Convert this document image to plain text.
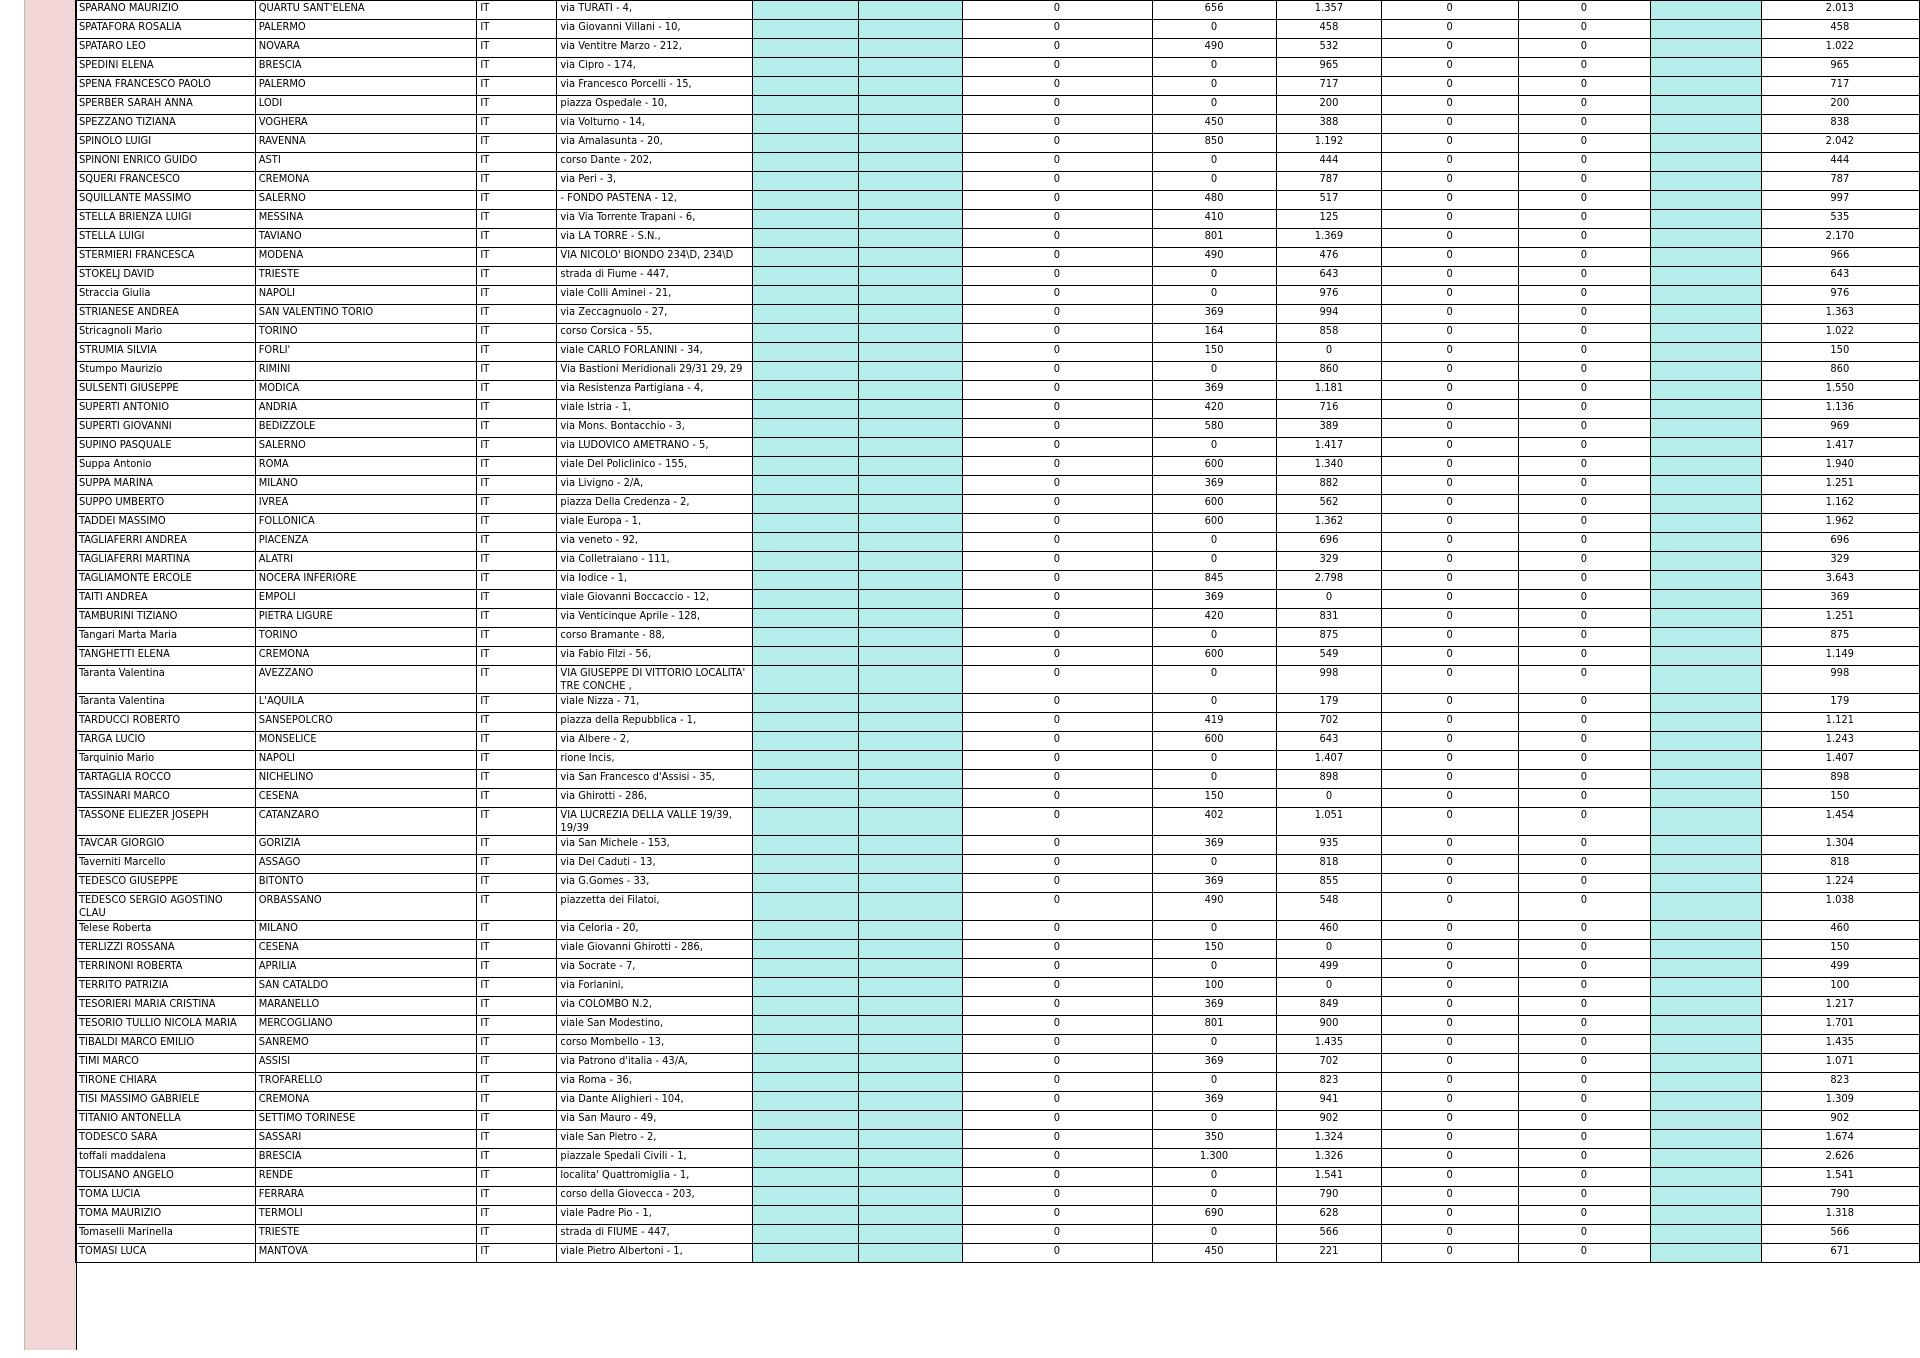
SPARANO MAURIZIO	QUARTU SANT'ELENA	IT	via TURATI - 4,			0	656	1.357	0	0		2.013
SPATAFORA ROSALIA	PALERMO	IT	via Giovanni Villani - 10,			0	0	458	0	0		458
SPATARO LEO	NOVARA	IT	via Ventitre Marzo - 212,			0	490	532	0	0		1.022
SPEDINI ELENA	BRESCIA	IT	via Cipro - 174,			0	0	965	0	0		965
SPENA FRANCESCO PAOLO	PALERMO	IT	via Francesco Porcelli - 15,			0	0	717	0	0		717
SPERBER SARAH ANNA	LODI	IT	piazza Ospedale - 10,			0	0	200	0	0		200
SPEZZANO TIZIANA	VOGHERA	IT	via Volturno - 14,			0	450	388	0	0		838
SPINOLO LUIGI	RAVENNA	IT	via Amalasunta - 20,			0	850	1.192	0	0		2.042
SPINONI ENRICO GUIDO	ASTI	IT	corso Dante - 202,			0	0	444	0	0		444
SQUERI FRANCESCO	CREMONA	IT	via Peri - 3,			0	0	787	0	0		787
SQUILLANTE MASSIMO	SALERNO	IT	- FONDO PASTENA - 12,			0	480	517	0	0		997
STELLA BRIENZA LUIGI	MESSINA	IT	via Via Torrente Trapani - 6,			0	410	125	0	0		535
STELLA LUIGI	TAVIANO	IT	via LA TORRE - S.N.,			0	801	1.369	0	0		2.170
STERMIERI FRANCESCA	MODENA	IT	VIA NICOLO' BIONDO 234\D, 234\D			0	490	476	0	0		966
STOKELJ DAVID	TRIESTE	IT	strada di Fiume - 447,			0	0	643	0	0		643
Straccia Giulia	NAPOLI	IT	viale Colli Aminei - 21,			0	0	976	0	0		976
STRIANESE ANDREA	SAN VALENTINO TORIO	IT	via Zeccagnuolo - 27,			0	369	994	0	0		1.363
Stricagnoli Mario	TORINO	IT	corso Corsica - 55,			0	164	858	0	0		1.022
STRUMIA SILVIA	FORLI'	IT	viale CARLO FORLANINI - 34,			0	150	0	0	0		150
Stumpo Maurizio	RIMINI	IT	Via Bastioni Meridionali 29/31 29, 29			0	0	860	0	0		860
SULSENTI GIUSEPPE	MODICA	IT	via Resistenza Partigiana - 4,			0	369	1.181	0	0		1.550
SUPERTI ANTONIO	ANDRIA	IT	viale Istria - 1,			0	420	716	0	0		1.136
SUPERTI GIOVANNI	BEDIZZOLE	IT	via Mons. Bontacchio - 3,			0	580	389	0	0		969
SUPINO PASQUALE	SALERNO	IT	via LUDOVICO AMETRANO - 5,			0	0	1.417	0	0		1.417
Suppa Antonio	ROMA	IT	viale Del Policlinico - 155,			0	600	1.340	0	0		1.940
SUPPA MARINA	MILANO	IT	via Livigno - 2/A,			0	369	882	0	0		1.251
SUPPO UMBERTO	IVREA	IT	piazza Della Credenza - 2,			0	600	562	0	0		1.162
TADDEI MASSIMO	FOLLONICA	IT	viale Europa - 1,			0	600	1.362	0	0		1.962
TAGLIAFERRI ANDREA	PIACENZA	IT	via veneto - 92,			0	0	696	0	0		696
TAGLIAFERRI MARTINA	ALATRI	IT	via Colletraiano - 111,			0	0	329	0	0		329
TAGLIAMONTE ERCOLE	NOCERA INFERIORE	IT	via Iodice - 1,			0	845	2.798	0	0		3.643
TAITI ANDREA	EMPOLI	IT	viale Giovanni Boccaccio - 12,			0	369	0	0	0		369
TAMBURINI TIZIANO	PIETRA LIGURE	IT	via Venticinque Aprile - 128,			0	420	831	0	0		1.251
Tangari Marta Maria	TORINO	IT	corso Bramante - 88,			0	0	875	0	0		875
TANGHETTI ELENA	CREMONA	IT	via Fabio Filzi - 56,			0	600	549	0	0		1.149
Taranta Valentina	AVEZZANO	IT	VIA GIUSEPPE DI VITTORIO LOCALITA' TRE CONCHE ,			0	0	998	0	0		998
Taranta Valentina	L'AQUILA	IT	viale Nizza - 71,			0	0	179	0	0		179
TARDUCCI ROBERTO	SANSEPOLCRO	IT	piazza della Repubblica - 1,			0	419	702	0	0		1.121
TARGA LUCIO	MONSELICE	IT	via Albere - 2,			0	600	643	0	0		1.243
Tarquinio Mario	NAPOLI	IT	rione Incis,			0	0	1.407	0	0		1.407
TARTAGLIA ROCCO	NICHELINO	IT	via San Francesco d'Assisi - 35,			0	0	898	0	0		898
TASSINARI MARCO	CESENA	IT	via Ghirotti - 286,			0	150	0	0	0		150
TASSONE ELIEZER JOSEPH	CATANZARO	IT	VIA LUCREZIA DELLA VALLE 19/39, 19/39			0	402	1.051	0	0		1.454
TAVCAR GIORGIO	GORIZIA	IT	via San Michele - 153,			0	369	935	0	0		1.304
Taverniti Marcello	ASSAGO	IT	via Dei Caduti - 13,			0	0	818	0	0		818
TEDESCO GIUSEPPE	BITONTO	IT	via G.Gomes - 33,			0	369	855	0	0		1.224
TEDESCO SERGIO AGOSTINO CLAU	ORBASSANO	IT	piazzetta dei Filatoi,			0	490	548	0	0		1.038
Telese Roberta	MILANO	IT	via Celoria - 20,			0	0	460	0	0		460
TERLIZZI ROSSANA	CESENA	IT	viale Giovanni Ghirotti - 286,			0	150	0	0	0		150
TERRINONI ROBERTA	APRILIA	IT	via Socrate - 7,			0	0	499	0	0		499
TERRITO PATRIZIA	SAN CATALDO	IT	via Forlanini,			0	100	0	0	0		100
TESORIERI MARIA CRISTINA	MARANELLO	IT	via COLOMBO N.2,			0	369	849	0	0		1.217
TESORIO TULLIO NICOLA MARIA	MERCOGLIANO	IT	viale San Modestino,			0	801	900	0	0		1.701
TIBALDI MARCO EMILIO	SANREMO	IT	corso Mombello - 13,			0	0	1.435	0	0		1.435
TIMI MARCO	ASSISI	IT	via Patrono d'italia - 43/A,			0	369	702	0	0		1.071
TIRONE CHIARA	TROFARELLO	IT	via Roma - 36,			0	0	823	0	0		823
TISI MASSIMO GABRIELE	CREMONA	IT	via Dante Alighieri - 104,			0	369	941	0	0		1.309
TITANIO ANTONELLA	SETTIMO TORINESE	IT	via San Mauro - 49,			0	0	902	0	0		902
TODESCO SARA	SASSARI	IT	viale San Pietro - 2,			0	350	1.324	0	0		1.674
toffali maddalena	BRESCIA	IT	piazzale Spedali Civili - 1,			0	1.300	1.326	0	0		2.626
TOLISANO ANGELO	RENDE	IT	localita' Quattromiglia - 1,			0	0	1.541	0	0		1.541
TOMA LUCIA	FERRARA	IT	corso della Giovecca - 203,			0	0	790	0	0		790
TOMA MAURIZIO	TERMOLI	IT	viale Padre Pio - 1,			0	690	628	0	0		1.318
Tomaselli Marinella	TRIESTE	IT	strada di FIUME - 447,			0	0	566	0	0		566
TOMASI LUCA	MANTOVA	IT	viale Pietro Albertoni - 1,			0	450	221	0	0		671
